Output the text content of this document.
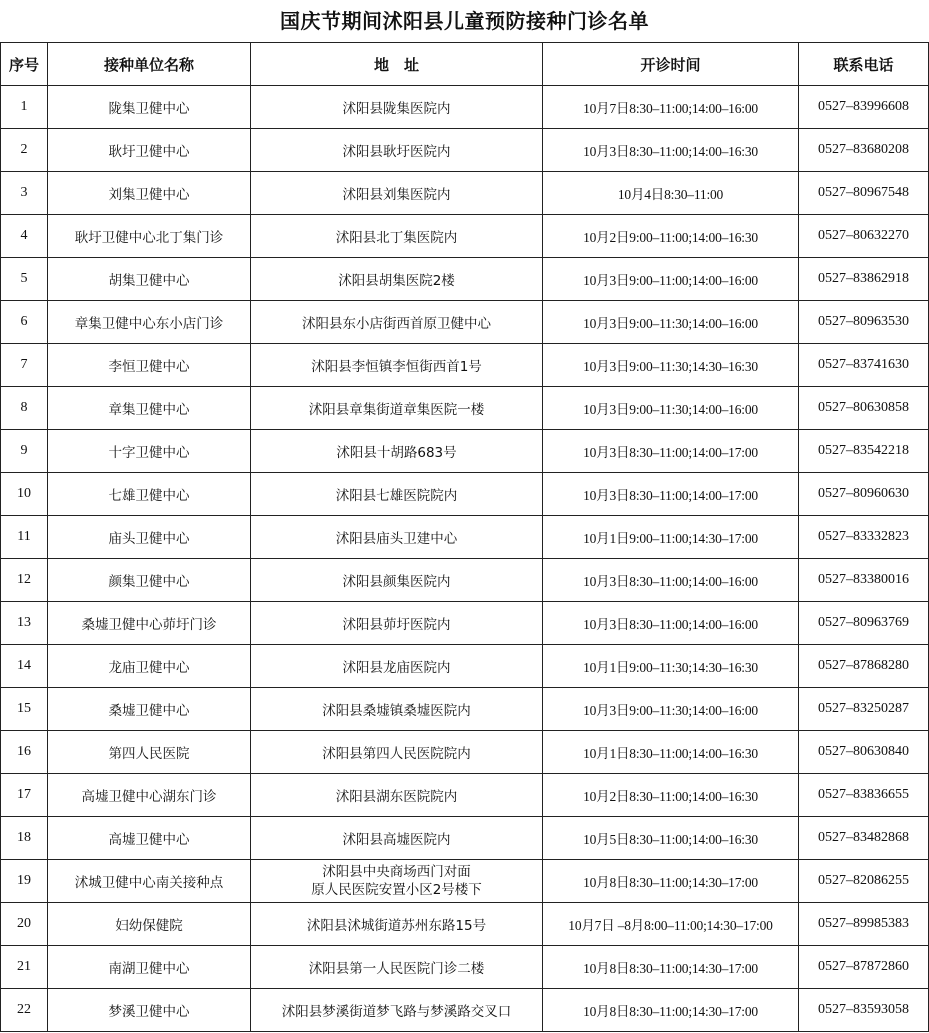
国庆节期间沭阳县儿童预防接种门诊名单
序号	接种单位名称	地　址	开诊时间	联系电话
1	陇集卫健中心	沭阳县陇集医院内	10月7日8:30–11:00;14:00–16:00	0527–83996608
2	耿圩卫健中心	沭阳县耿圩医院内	10月3日8:30–11:00;14:00–16:30	0527–83680208
3	刘集卫健中心	沭阳县刘集医院内	10月4日8:30–11:00	0527–80967548
4	耿圩卫健中心北丁集门诊	沭阳县北丁集医院内	10月2日9:00–11:00;14:00–16:30	0527–80632270
5	胡集卫健中心	沭阳县胡集医院2楼	10月3日9:00–11:00;14:00–16:00	0527–83862918
6	章集卫健中心东小店门诊	沭阳县东小店街西首原卫健中心	10月3日9:00–11:30;14:00–16:00	0527–80963530
7	李恒卫健中心	沭阳县李恒镇李恒街西首1号	10月3日9:00–11:30;14:30–16:30	0527–83741630
8	章集卫健中心	沭阳县章集街道章集医院一楼	10月3日9:00–11:30;14:00–16:00	0527–80630858
9	十字卫健中心	沭阳县十胡路683号	10月3日8:30–11:00;14:00–17:00	0527–83542218
10	七雄卫健中心	沭阳县七雄医院院内	10月3日8:30–11:00;14:00–17:00	0527–80960630
11	庙头卫健中心	沭阳县庙头卫建中心	10月1日9:00–11:00;14:30–17:00	0527–83332823
12	颜集卫健中心	沭阳县颜集医院内	10月3日8:30–11:00;14:00–16:00	0527–83380016
13	桑墟卫健中心茆圩门诊	沭阳县茆圩医院内	10月3日8:30–11:00;14:00–16:00	0527–80963769
14	龙庙卫健中心	沭阳县龙庙医院内	10月1日9:00–11:30;14:30–16:30	0527–87868280
15	桑墟卫健中心	沭阳县桑墟镇桑墟医院内	10月3日9:00–11:30;14:00–16:00	0527–83250287
16	第四人民医院	沭阳县第四人民医院院内	10月1日8:30–11:00;14:00–16:30	0527–80630840
17	高墟卫健中心湖东门诊	沭阳县湖东医院院内	10月2日8:30–11:00;14:00–16:30	0527–83836655
18	高墟卫健中心	沭阳县高墟医院内	10月5日8:30–11:00;14:00–16:30	0527–83482868
19	沭城卫健中心南关接种点	沭阳县中央商场西门对面
原人民医院安置小区2号楼下	10月8日8:30–11:00;14:30–17:00	0527–82086255
20	妇幼保健院	沭阳县沭城街道苏州东路15号	10月7日 –8月8:00–11:00;14:30–17:00	0527–89985383
21	南湖卫健中心	沭阳县第一人民医院门诊二楼	10月8日8:30–11:00;14:30–17:00	0527–87872860
22	梦溪卫健中心	沭阳县梦溪街道梦飞路与梦溪路交叉口	10月8日8:30–11:00;14:30–17:00	0527–83593058
